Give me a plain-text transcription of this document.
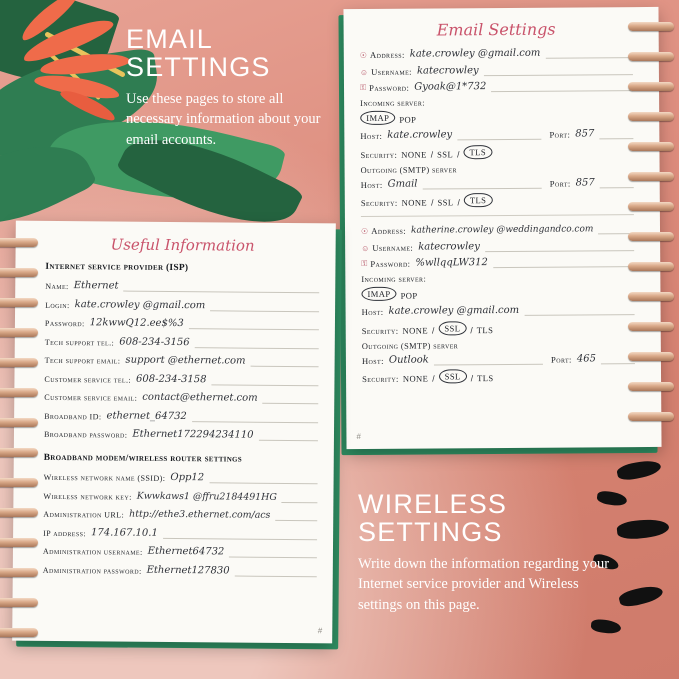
EMAIL SETTINGS
Use these pages to store all necessary information about your email accounts.
WIRELESS SETTINGS
Write down the information regarding your Internet service provider and Wireless settings on this page.
Email Settings
☉ Address: kate.crowley @gmail.com
☺ Username: katecrowley
⚿ Password: Gyoak@1*732
Incoming server:
IMAP	POP
Host: kate.crowley	Port: 857
Security: NONE / SSL /	TLS
Outgoing (SMTP) server
Host: Gmail	Port: 857
Security: NONE / SSL /	TLS
☉ Address: katherine.crowley @weddingandco.com
☺ Username: katecrowley
⚿ Password: %wllqqLW312
Incoming server:
IMAP	POP
Host: kate.crowley @gmail.com
Security: NONE /	SSL	/ TLS
Outgoing (SMTP) server
Host: Outlook	Port: 465
Security: NONE /	SSL	/ TLS
#
Useful Information
Internet service provider (ISP)
Name: Ethernet
Login: kate.crowley @gmail.com
Password: 12kwwQ12.ee$%3
Tech support tel.: 608-234-3156
Tech support email: support @ethernet.com
Customer service tel.: 608-234-3158
Customer service email: contact@ethernet.com
Broadband ID: ethernet_64732
Broadband password: Ethernet172294234110
Broadband modem/wireless router settings
Wireless network name (SSID): Opp12
Wireless network key: Kwwkaws1 @ffru2184491HG
Administration URL: http://ethe3.ethernet.com/acs
IP address: 174.167.10.1
Administration username: Ethernet64732
Administration password: Ethernet127830
#
